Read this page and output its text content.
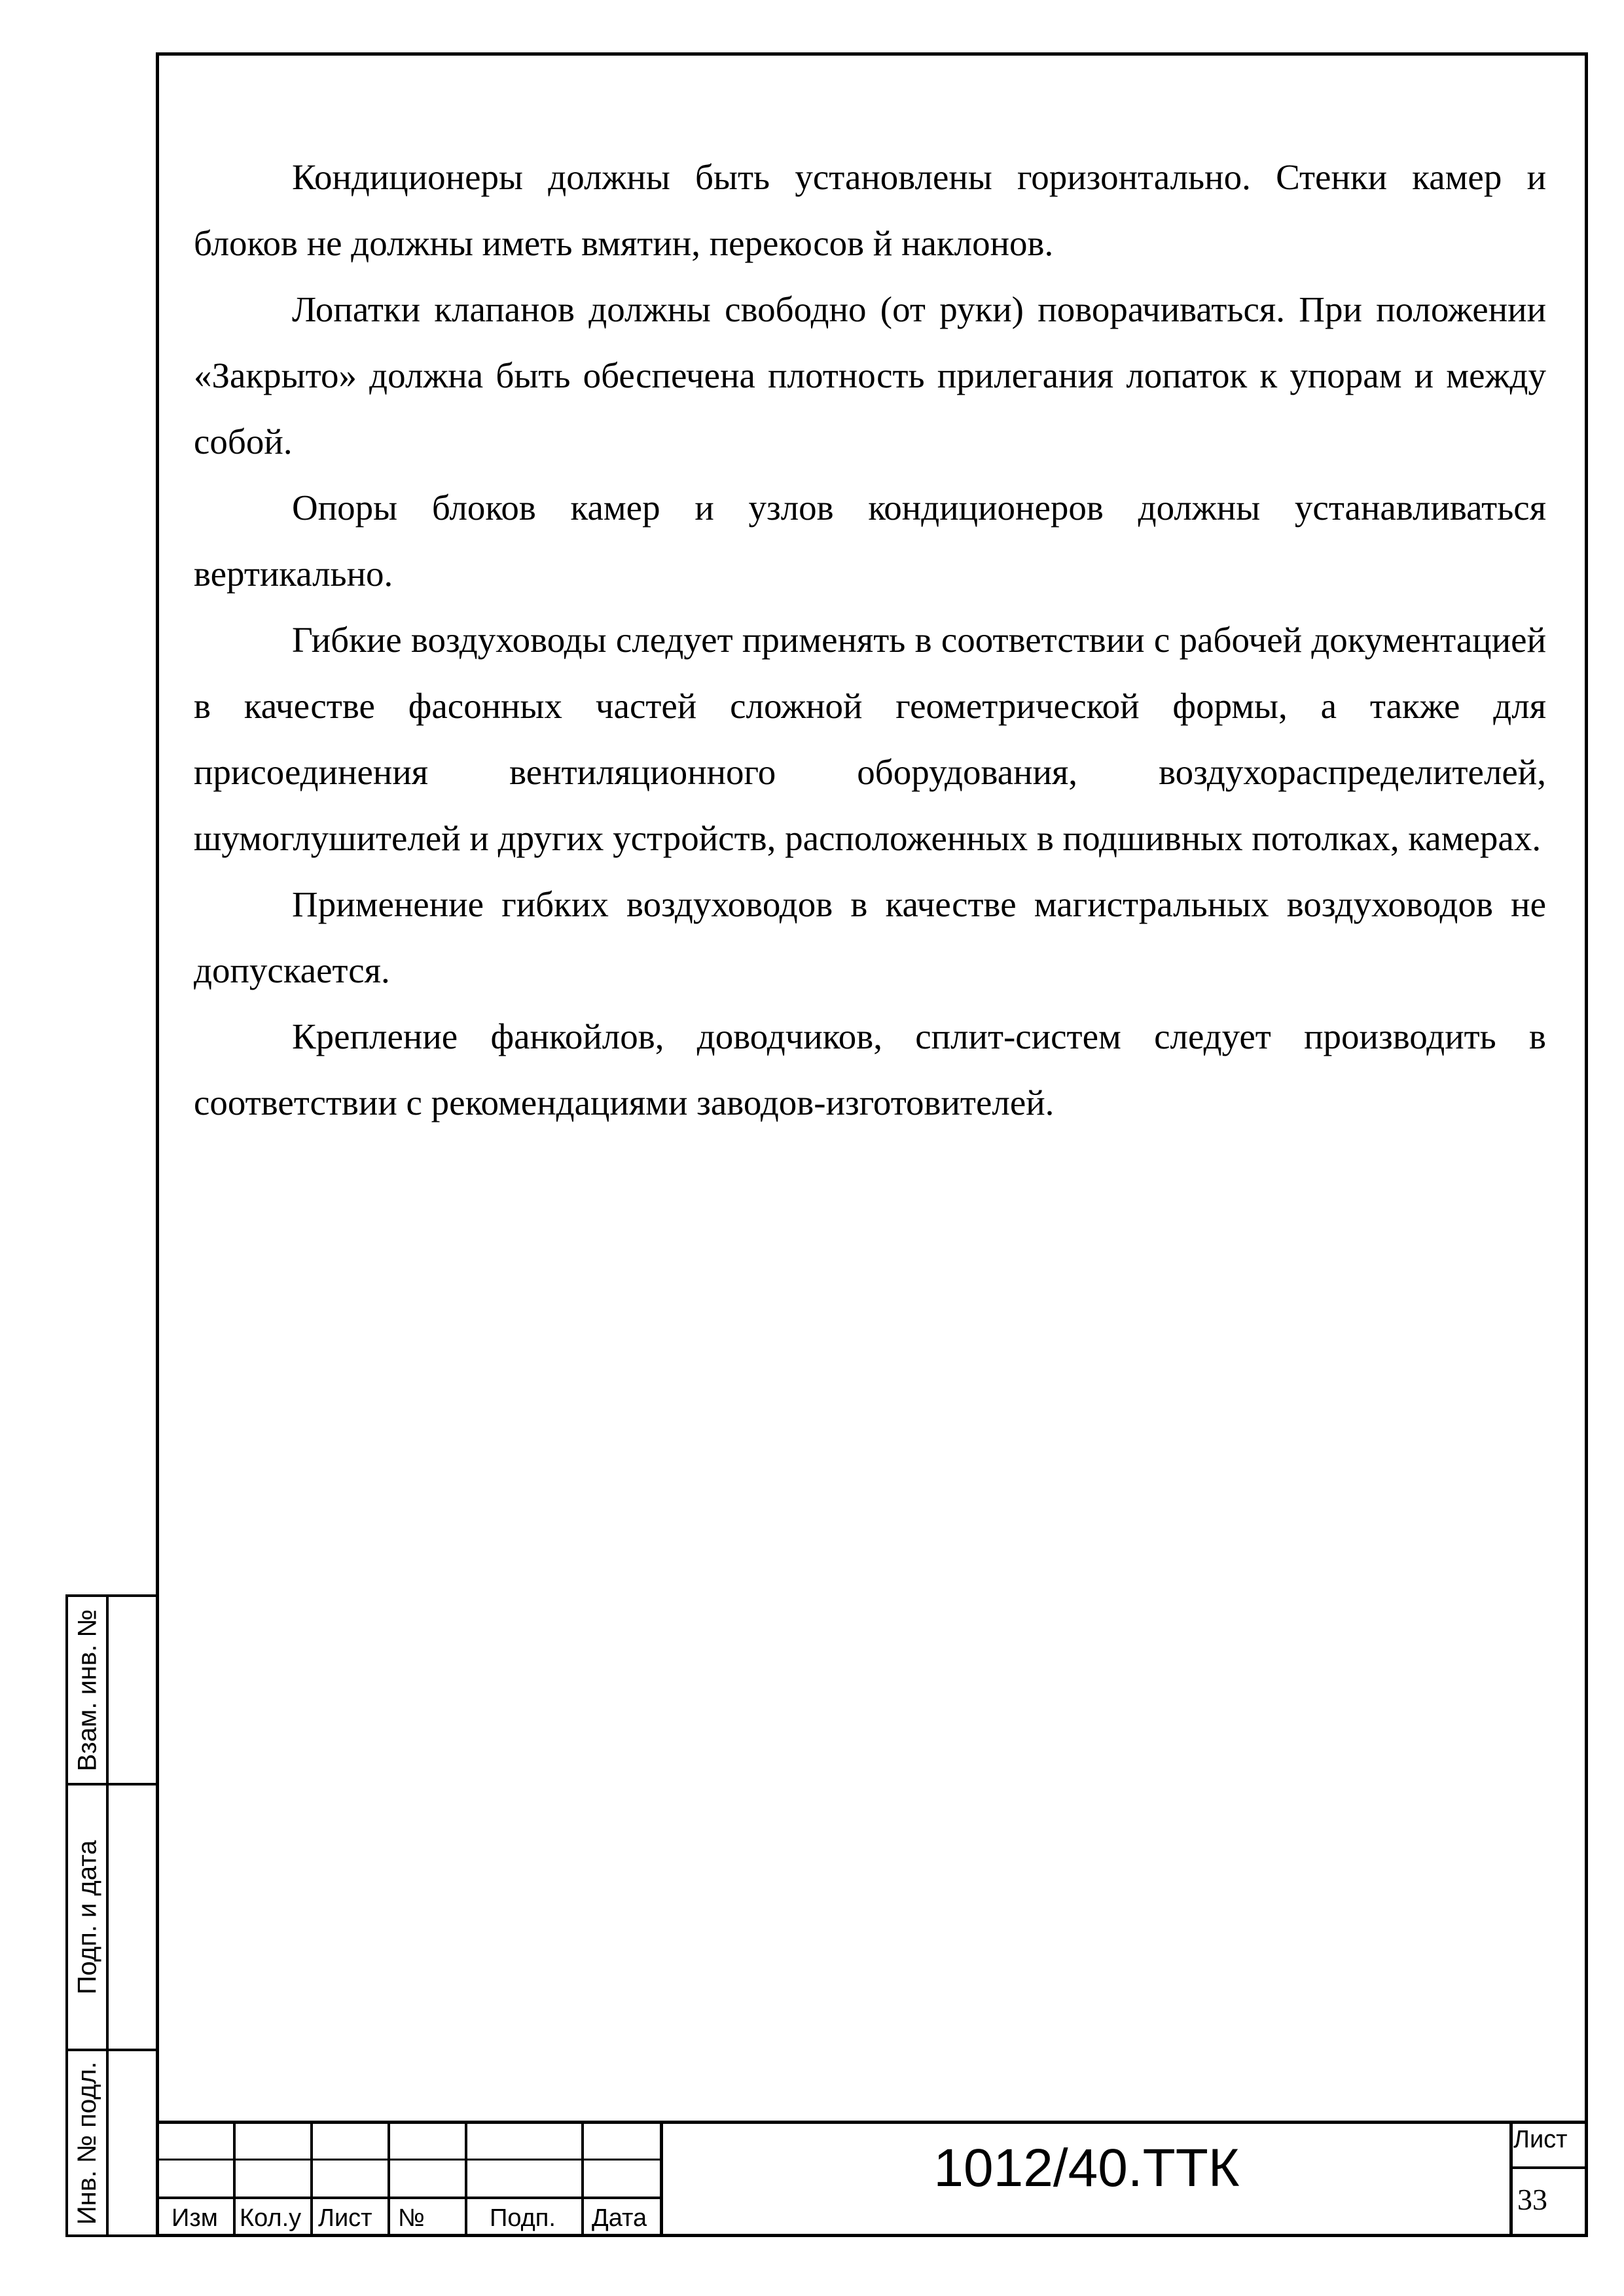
Кондиционеры должны быть установлены горизонтально. Стенки камер и блоков не должны иметь вмятин, перекосов й наклонов.

Лопатки клапанов должны свободно (от руки) поворачиваться. При положении «Закрыто» должна быть обеспечена плотность прилегания лопаток к упорам и между собой.

Опоры блоков камер и узлов кондиционеров должны устанавливаться вертикально.

Гибкие воздуховоды следует применять в соответствии с рабочей документацией в качестве фасонных частей сложной геометрической формы, а также для присоединения вентиляционного оборудования, воздухораспределителей, шумоглушителей и других устройств, расположенных в подшивных потолках, камерах.

Применение гибких воздуховодов в качестве магистральных воздуховодов не допускается.

Крепление фанкойлов, доводчиков, сплит-систем следует производить в соответствии с рекомендациями заводов-изготовителей.

Взам. инв. №
Подп. и дата
Инв. № подл.	Изм Кол.у Лист №	Подп. Дата
1012/40.ТТК	Лист
33
